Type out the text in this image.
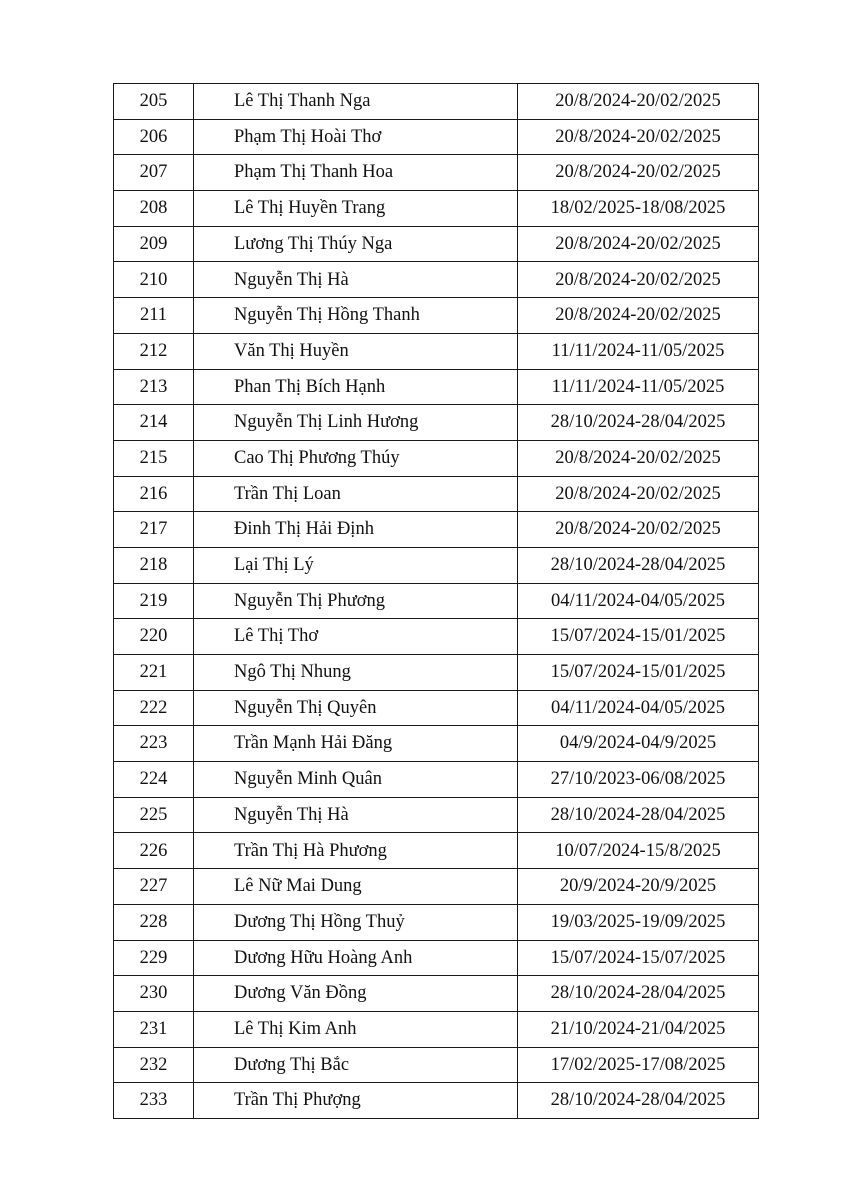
205	Lê Thị Thanh Nga	20/8/2024-20/02/2025
206	Phạm Thị Hoài Thơ	20/8/2024-20/02/2025
207	Phạm Thị Thanh Hoa	20/8/2024-20/02/2025
208	Lê Thị Huyền Trang	18/02/2025-18/08/2025
209	Lương Thị Thúy Nga	20/8/2024-20/02/2025
210	Nguyễn Thị Hà	20/8/2024-20/02/2025
211	Nguyễn Thị Hồng Thanh	20/8/2024-20/02/2025
212	Văn Thị Huyền	11/11/2024-11/05/2025
213	Phan Thị Bích Hạnh	11/11/2024-11/05/2025
214	Nguyễn Thị Linh Hương	28/10/2024-28/04/2025
215	Cao Thị Phương Thúy	20/8/2024-20/02/2025
216	Trần Thị Loan	20/8/2024-20/02/2025
217	Đinh Thị Hải Định	20/8/2024-20/02/2025
218	Lại Thị Lý	28/10/2024-28/04/2025
219	Nguyễn Thị Phương	04/11/2024-04/05/2025
220	Lê Thị Thơ	15/07/2024-15/01/2025
221	Ngô Thị Nhung	15/07/2024-15/01/2025
222	Nguyễn Thị Quyên	04/11/2024-04/05/2025
223	Trần Mạnh Hải Đăng	04/9/2024-04/9/2025
224	Nguyễn Minh Quân	27/10/2023-06/08/2025
225	Nguyễn Thị Hà	28/10/2024-28/04/2025
226	Trần Thị Hà Phương	10/07/2024-15/8/2025
227	Lê Nữ Mai Dung	20/9/2024-20/9/2025
228	Dương Thị Hồng Thuỷ	19/03/2025-19/09/2025
229	Dương Hữu Hoàng Anh	15/07/2024-15/07/2025
230	Dương Văn Đồng	28/10/2024-28/04/2025
231	Lê Thị Kim Anh	21/10/2024-21/04/2025
232	Dương Thị Bắc	17/02/2025-17/08/2025
233	Trần Thị Phượng	28/10/2024-28/04/2025
